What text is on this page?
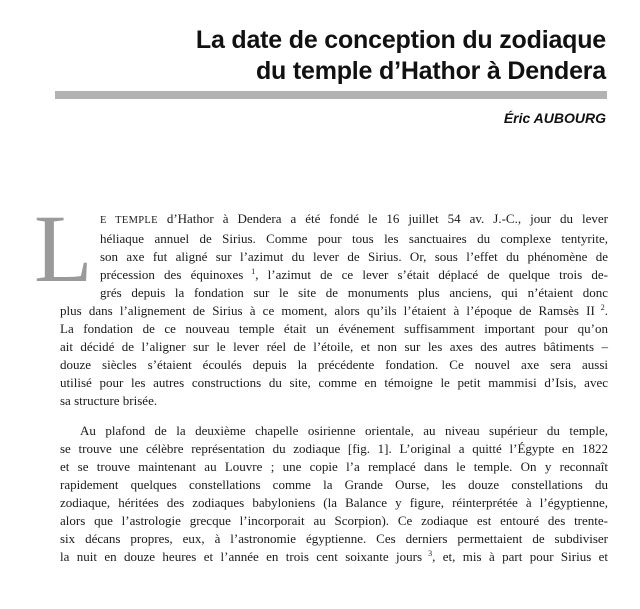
La date de conception du zodiaque
du temple d’Hathor à Dendera
Éric AUBOURG
L E TEMPLE d’Hathor à Dendera a été fondé le 16 juillet 54 av. J.-C., jour du lever
héliaque annuel de Sirius. Comme pour tous les sanctuaires du complexe tentyrite,
son axe fut aligné sur l’azimut du lever de Sirius. Or, sous l’effet du phénomène de
précession des équinoxes $^1$, l’azimut de ce lever s’était déplacé de quelque trois de-
grés depuis la fondation sur le site de monuments plus anciens, qui n’étaient donc
plus dans l’alignement de Sirius à ce moment, alors qu’ils l’étaient à l’époque de Ramsès II $^2$.
La fondation de ce nouveau temple était un événement suffisamment important pour qu’on
ait décidé de l’aligner sur le lever réel de l’étoile, et non sur les axes des autres bâtiments –
douze siècles s’étaient écoulés depuis la précédente fondation. Ce nouvel axe sera aussi
utilisé pour les autres constructions du site, comme en témoigne le petit mammisi d’Isis, avec
sa structure brisée.
Au plafond de la deuxième chapelle osirienne orientale, au niveau supérieur du temple,
se trouve une célèbre représentation du zodiaque [fig. 1]. L’original a quitté l’Égypte en 1822
et se trouve maintenant au Louvre ; une copie l’a remplacé dans le temple. On y reconnaît
rapidement quelques constellations comme la Grande Ourse, les douze constellations du
zodiaque, héritées des zodiaques babyloniens (la Balance y figure, réinterprétée à l’égyptienne,
alors que l’astrologie grecque l’incorporait au Scorpion). Ce zodiaque est entouré des trente-
six décans propres, eux, à l’astronomie égyptienne. Ces derniers permettaient de subdiviser
la nuit en douze heures et l’année en trois cent soixante jours $^3$, et, mis à part pour Sirius et
